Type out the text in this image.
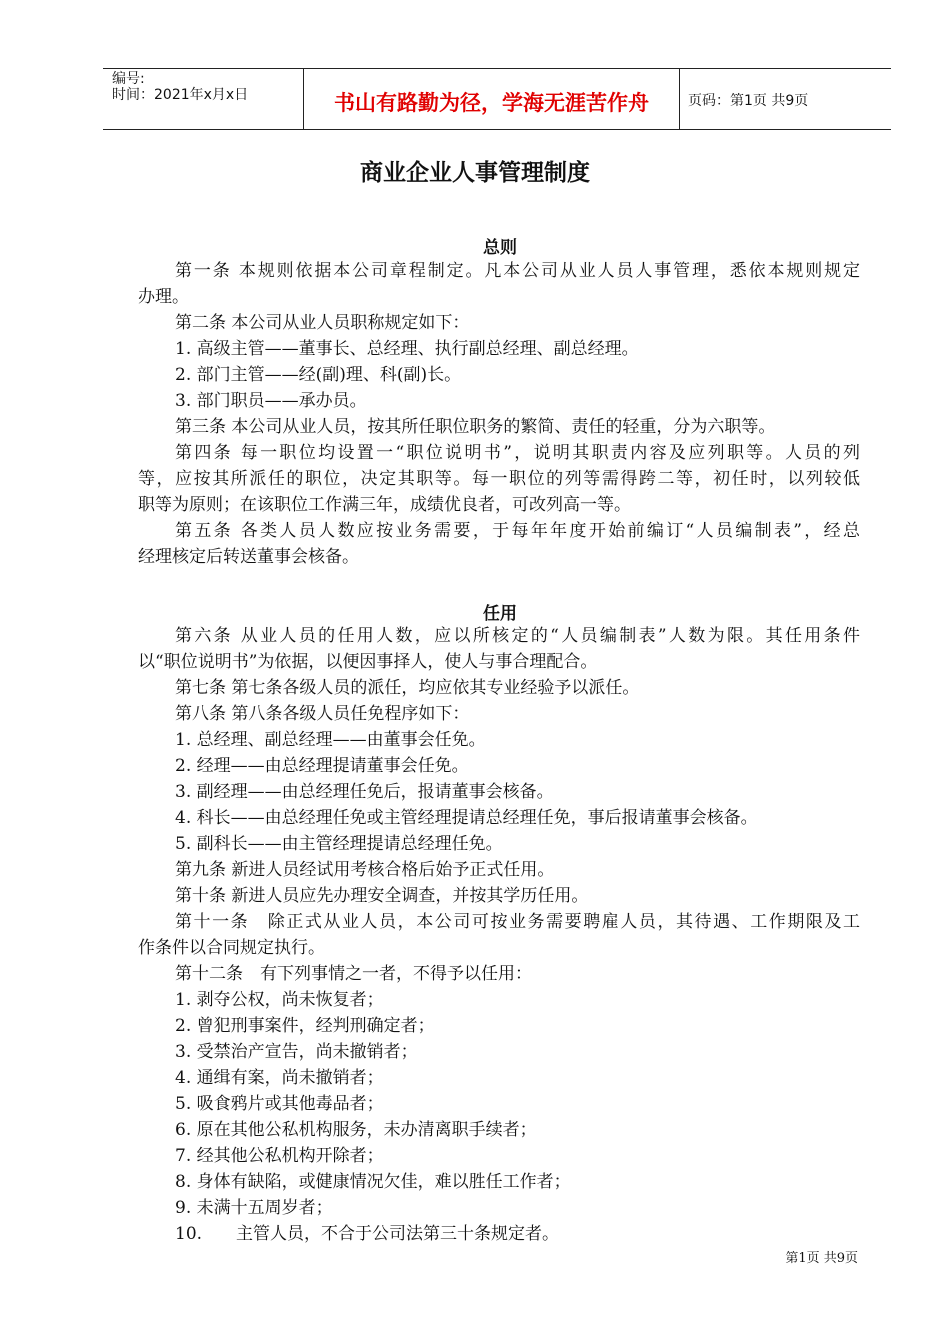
编号:
时间：2021年x月x日	书山有路勤为径，学海无涯苦作舟	页码：第1页 共9页
商业企业人事管理制度
总则
第一条 本规则依据本公司章程制定。凡本公司从业人员人事管理，悉依本规则规定
办理。
第二条 本公司从业人员职称规定如下：
1. 高级主管——董事长、总经理、执行副总经理、副总经理。
2. 部门主管——经(副)理、科(副)长。
3. 部门职员——承办员。
第三条 本公司从业人员，按其所任职位职务的繁简、责任的轻重，分为六职等。
第四条 每一职位均设置一“职位说明书”，说明其职责内容及应列职等。人员的列
等，应按其所派任的职位，决定其职等。每一职位的列等需得跨二等，初任时，以列较低
职等为原则；在该职位工作满三年，成绩优良者，可改列高一等。
第五条 各类人员人数应按业务需要，于每年年度开始前编订“人员编制表”，经总
经理核定后转送董事会核备。
任用
第六条 从业人员的任用人数，应以所核定的“人员编制表”人数为限。其任用条件
以“职位说明书”为依据，以便因事择人，使人与事合理配合。
第七条 第七条各级人员的派任，均应依其专业经验予以派任。
第八条 第八条各级人员任免程序如下：
1. 总经理、副总经理——由董事会任免。
2. 经理——由总经理提请董事会任免。
3. 副经理——由总经理任免后，报请董事会核备。
4. 科长——由总经理任免或主管经理提请总经理任免，事后报请董事会核备。
5. 副科长——由主管经理提请总经理任免。
第九条 新进人员经试用考核合格后始予正式任用。
第十条 新进人员应先办理安全调查，并按其学历任用。
第十一条　除正式从业人员，本公司可按业务需要聘雇人员，其待遇、工作期限及工
作条件以合同规定执行。
第十二条　有下列事情之一者，不得予以任用：
1. 剥夺公权，尚未恢复者；
2. 曾犯刑事案件，经判刑确定者；
3. 受禁治产宣告，尚未撤销者；
4. 通缉有案，尚未撤销者；
5. 吸食鸦片或其他毒品者；
6. 原在其他公私机构服务，未办清离职手续者；
7. 经其他公私机构开除者；
8. 身体有缺陷，或健康情况欠佳，难以胜任工作者；
9. 未满十五周岁者；
10.　　主管人员，不合于公司法第三十条规定者。
第1页 共9页
